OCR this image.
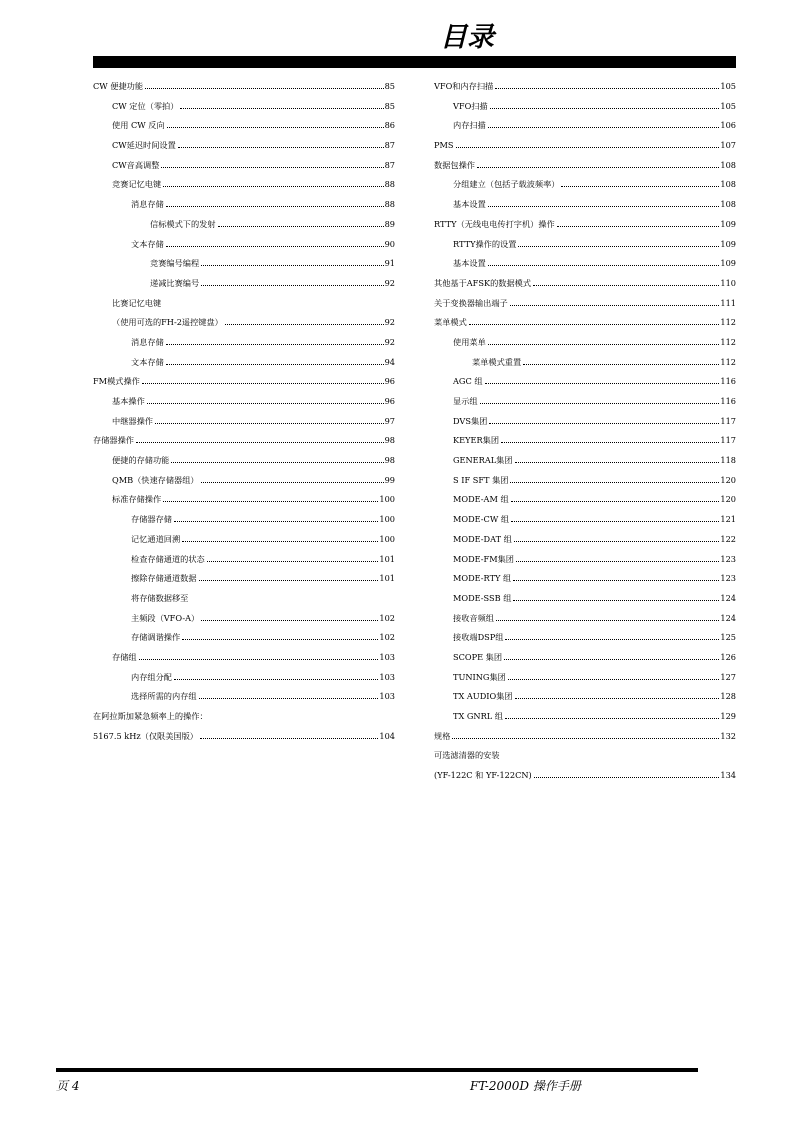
目录
CW 便捷功能	85
CW 定位（零拍）	85
使用 CW 反向	86
CW延迟时间设置	87
CW音高调整	87
竞赛记忆电键	88
消息存储	88
信标模式下的发射	89
文本存储	90
竞赛编号编程	91
递减比赛编号	92
比赛记忆电键
（使用可选的FH-2遥控键盘）	92
消息存储	92
文本存储	94
FM模式操作	96
基本操作	96
中继器操作	97
存储器操作	98
便捷的存储功能	98
QMB（快速存储器组）	99
标准存储操作	100
存储器存储	100
记忆通道回溯	100
检查存储通道的状态	101
擦除存储通道数据	101
将存储数据移至
主频段（VFO-A）	102
存储调谐操作	102
存储组	103
内存组分配	103
选择所需的内存组	103
在阿拉斯加紧急频率上的操作：
5167.5 kHz（仅限美国版）	104
VFO和内存扫描	105
VFO扫描	105
内存扫描	106
PMS	107
数据包操作	108
分组建立（包括子载波频率）	108
基本设置	108
RTTY（无线电电传打字机）操作	109
RTTY操作的设置	109
基本设置	109
其他基于AFSK的数据模式	110
关于变换器输出端子	111
菜单模式	112
使用菜单	112
菜单模式重置	112
AGC 组	116
显示组	116
DVS集团	117
KEYER集团	117
GENERAL集团	118
S IF SFT 集团	120
MODE-AM 组	120
MODE-CW 组	121
MODE-DAT 组	122
MODE-FM集团	123
MODE-RTY 组	123
MODE-SSB 组	124
接收音频组	124
接收端DSP组	125
SCOPE 集团	126
TUNING集团	127
TX AUDIO集团	128
TX GNRL 组	129
规格	132
可选滤清器的安装
(YF-122C 和 YF-122CN)	134
页 4	FT-2000D 操作手册
